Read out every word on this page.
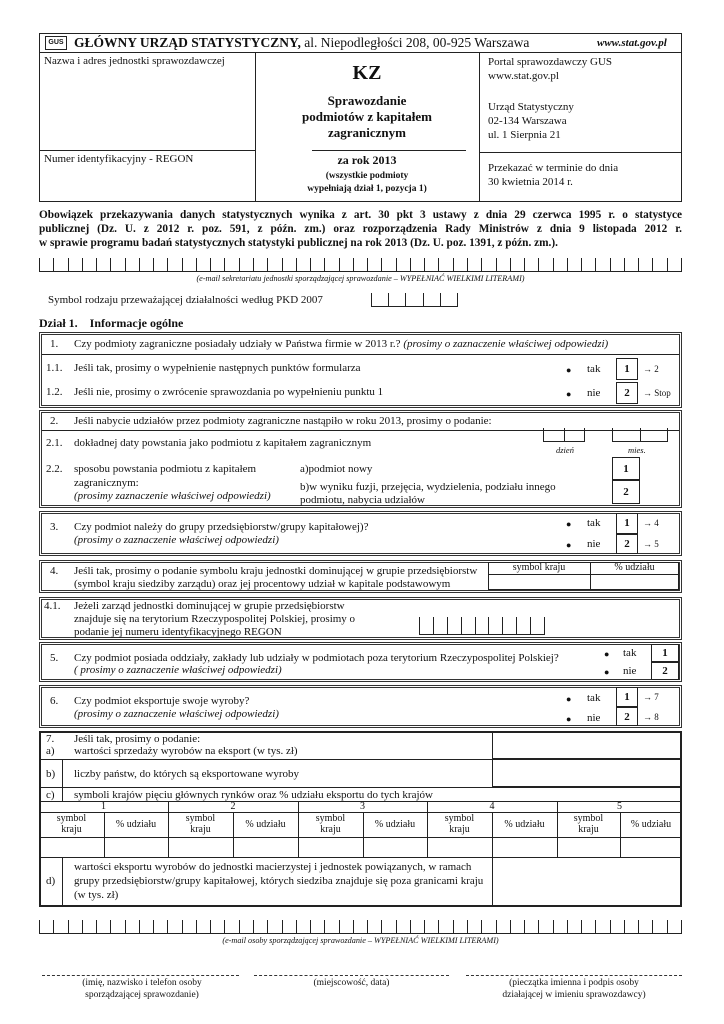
GUS GŁÓWNY URZĄD STATYSTYCZNY, al. Niepodległości 208, 00-925 Warszawa	www.stat.gov.pl
Nazwa i adres jednostki sprawozdawczej
Numer identyfikacyjny - REGON
KZ
Sprawozdanie
podmiotów z kapitałem
zagranicznym
za rok 2013
(wszystkie podmioty
wypełniają dział 1, pozycja 1)
Portal sprawozdawczy GUS
www.stat.gov.pl
Urząd Statystyczny
02-134 Warszawa
ul. 1 Sierpnia 21
Przekazać w terminie do dnia
30 kwietnia 2014 r.
Obowiązek przekazywania danych statystycznych wynika z art. 30 pkt 3 ustawy z dnia 29 czerwca 1995 r. o statystyce
publicznej (Dz. U. z 2012 r. poz. 591, z późn. zm.) oraz rozporządzenia Rady Ministrów z dnia 9 listopada 2012 r.
w sprawie programu badań statystycznych statystyki publicznej na rok 2013 (Dz. U. poz. 1391, z późn. zm.).
(e-mail sekretariatu jednostki sporządzającej sprawozdanie – WYPEŁNIAĆ WIELKIMI LITERAMI)
Symbol rodzaju przeważającej działalności według PKD 2007
Dział 1. Informacje ogólne
1. Czy podmioty zagraniczne posiadały udziały w Państwa firmie w 2013 r.? (prosimy o zaznaczenie właściwej odpowiedzi)
1.1. Jeśli tak, prosimy o wypełnienie następnych punktów formularza
1.2. Jeśli nie, prosimy o zwrócenie sprawozdania po wypełnieniu punktu 1
● tak
● nie
1
2
→ 2
→ Stop
2. Jeśli nabycie udziałów przez podmioty zagraniczne nastąpiło w roku 2013, prosimy o podanie:
2.1. dokładnej daty powstania jako podmiotu z kapitałem zagranicznym
dzień	mies.
2.2. sposobu powstania podmiotu z kapitałem
zagranicznym:
(prosimy zaznaczenie właściwej odpowiedzi)
a)podmiot nowy
b)w wyniku fuzji, przejęcia, wydzielenia, podziału innego
podmiotu, nabycia udziałów
1
2
3. Czy podmiot należy do grupy przedsiębiorstw/grupy kapitałowej)?
(prosimy o zaznaczenie właściwej odpowiedzi)
● tak
● nie
1
2
→ 4
→ 5
4. Jeśli tak, prosimy o podanie symbolu kraju jednostki dominującej w grupie przedsiębiorstw
(symbol kraju siedziby zarządu) oraz jej procentowy udział w kapitale podstawowym
symbol kraju	% udziału
4.1. Jeżeli zarząd jednostki dominującej w grupie przedsiębiorstw
znajduje się na terytorium Rzeczypospolitej Polskiej, prosimy o
podanie jej numeru identyfikacyjnego REGON
5. Czy podmiot posiada oddziały, zakłady lub udziały w podmiotach poza terytorium Rzeczypospolitej Polskiej?
( prosimy o zaznaczenie właściwej odpowiedzi)
● tak
● nie
1
2
6. Czy podmiot eksportuje swoje wyroby?
(prosimy o zaznaczenie właściwej odpowiedzi)
● tak
● nie
1
2
→ 7
→ 8
7. Jeśli tak, prosimy o podanie:
a) wartości sprzedaży wyrobów na eksport (w tys. zł)
b) liczby państw, do których są eksportowane wyroby
c) symboli krajów pięciu głównych rynków oraz % udziału eksportu do tych krajów
1	2	3	4	5
symbol
kraju	% udziału
symbol
kraju	% udziału
symbol
kraju	% udziału
symbol
kraju	% udziału
symbol
kraju	% udziału
d)
wartości eksportu wyrobów do jednostki macierzystej i jednostek powiązanych, w ramach
grupy przedsiębiorstw/grupy kapitałowej, których siedziba znajduje się poza granicami kraju
(w tys. zł)
(e-mail osoby sporządzającej sprawozdanie – WYPEŁNIAĆ WIELKIMI LITERAMI)
(imię, nazwisko i telefon osoby
sporządzającej sprawozdanie)
(miejscowość, data)	(pieczątka imienna i podpis osoby
działającej w imieniu sprawozdawcy)
